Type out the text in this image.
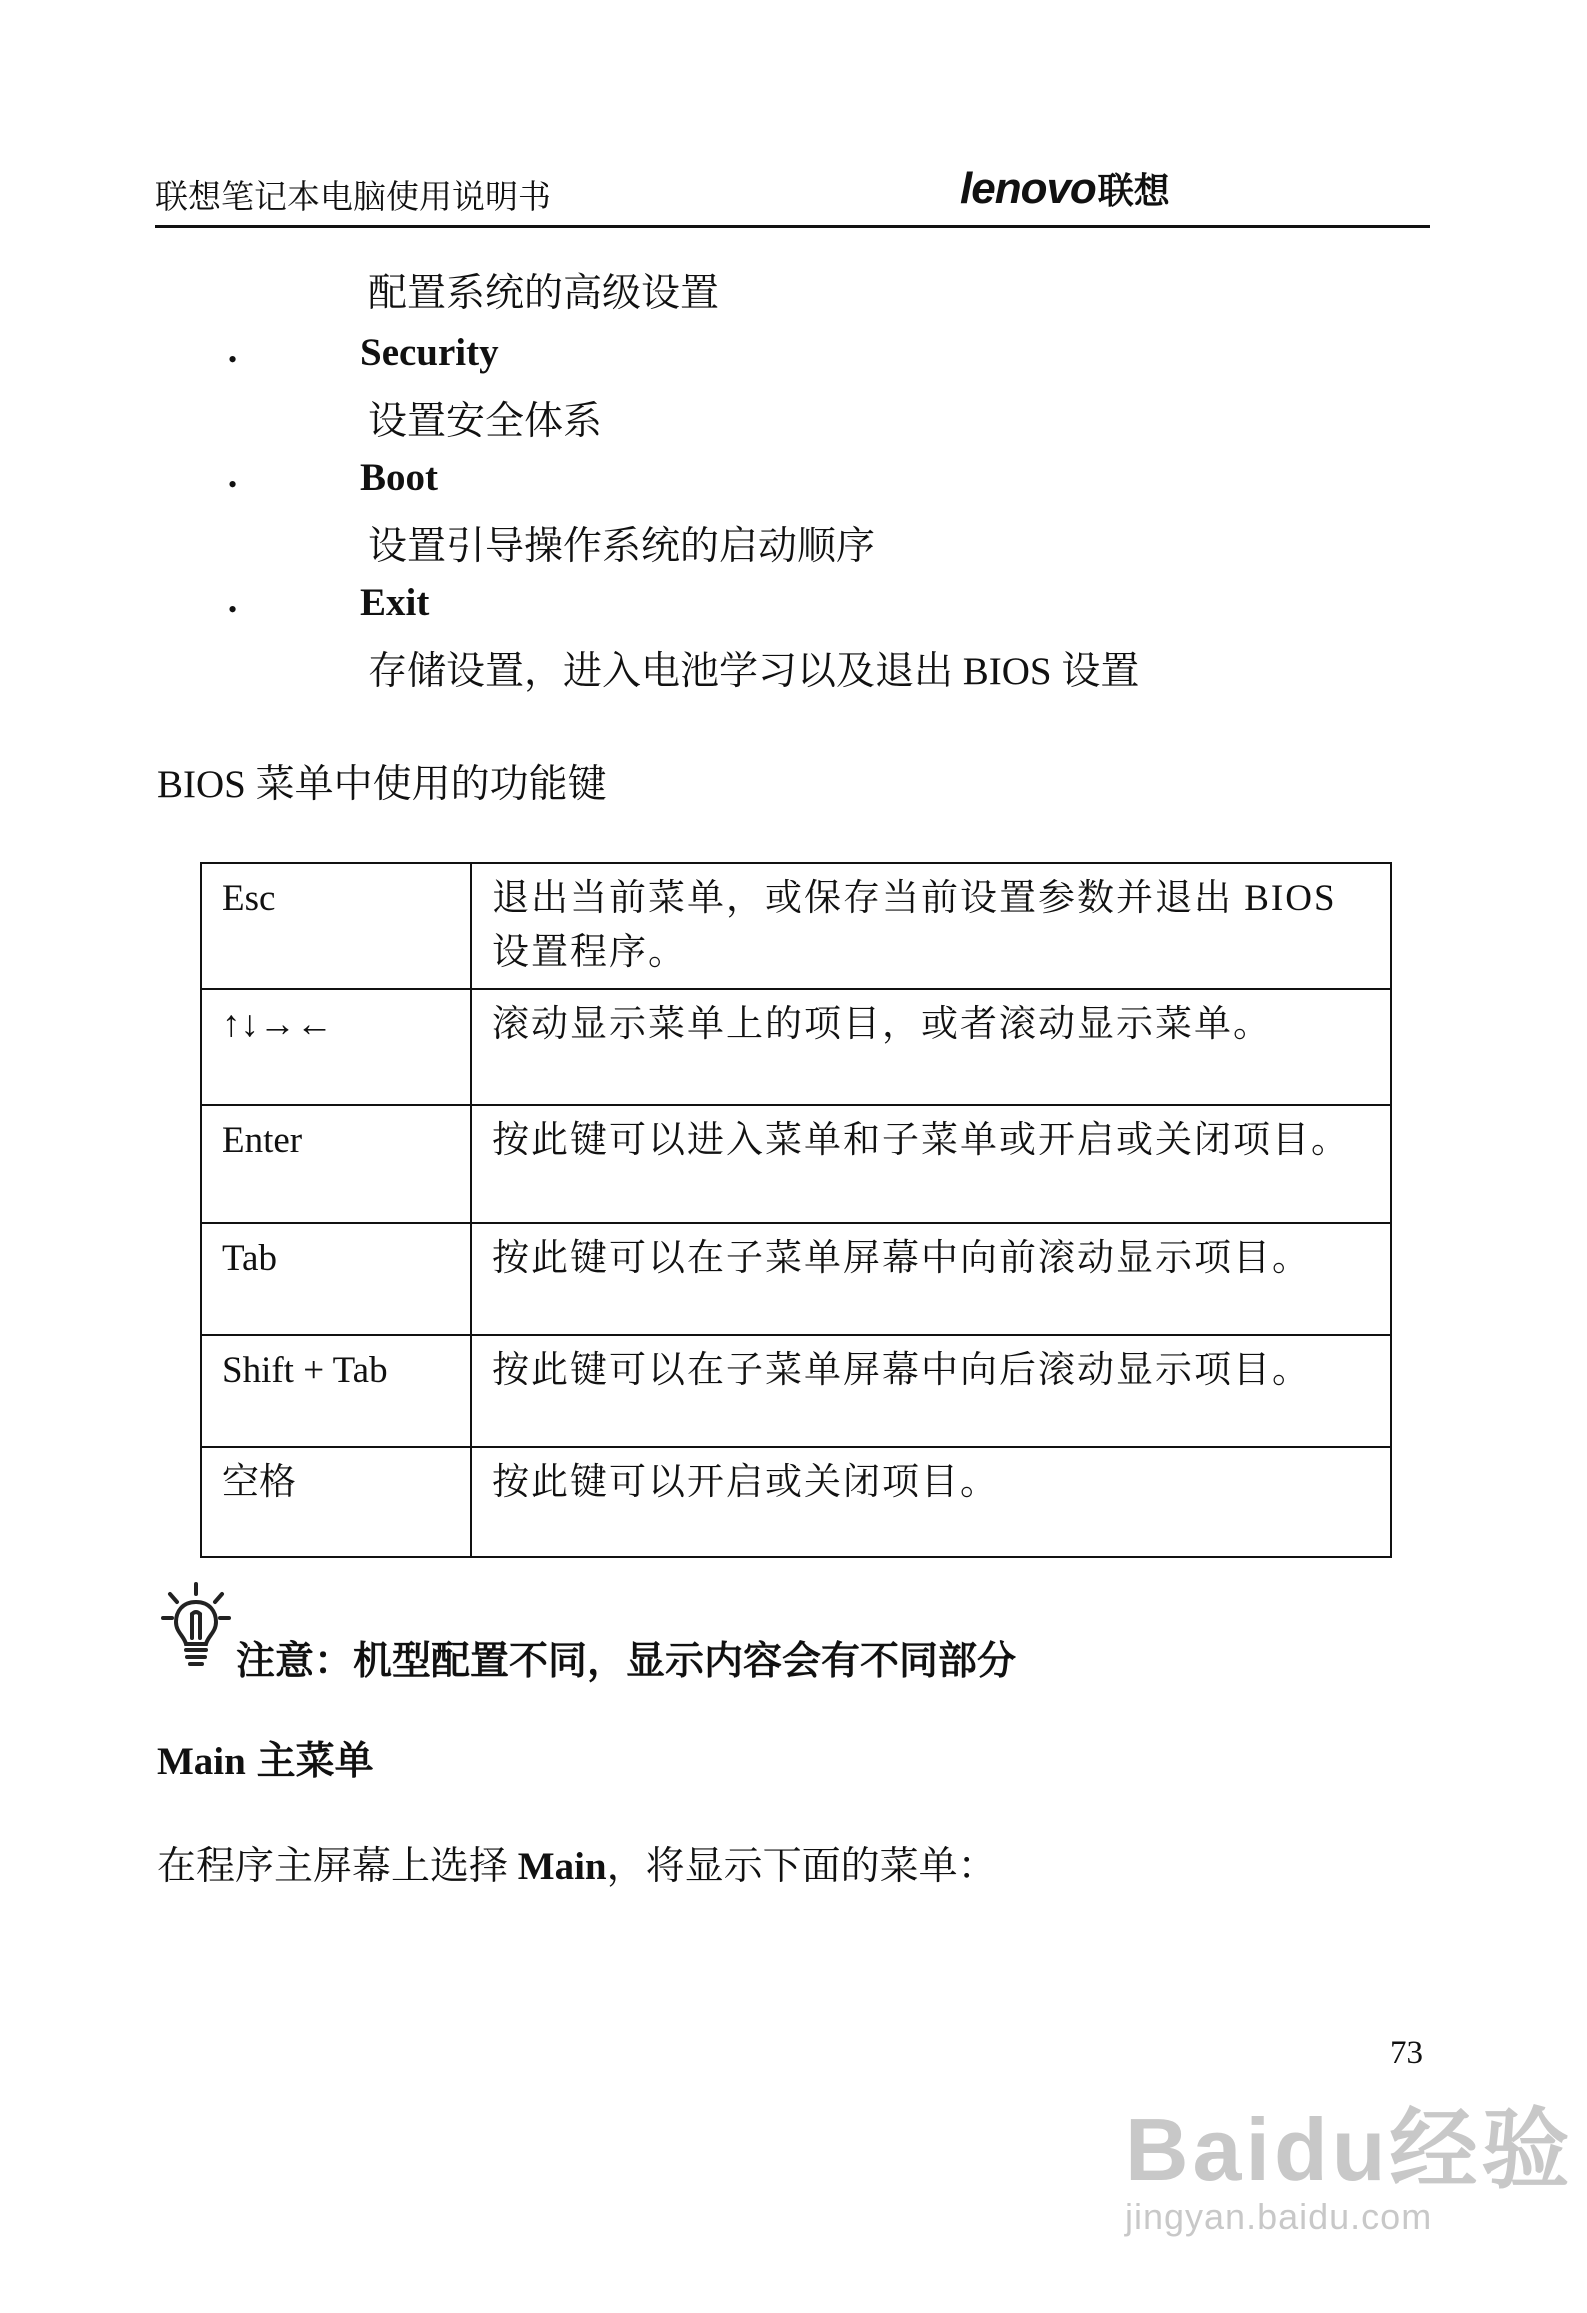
联想笔记本电脑使用说明书	lenovo联想
配置系统的高级设置
•	Security
设置安全体系
•	Boot
设置引导操作系统的启动顺序
•	Exit
存储设置，进入电池学习以及退出 BIOS 设置
BIOS 菜单中使用的功能键
Esc	退出当前菜单，或保存当前设置参数并退出 BIOS 设置程序。
↑↓→←	滚动显示菜单上的项目，或者滚动显示菜单。
Enter	按此键可以进入菜单和子菜单或开启或关闭项目。
Tab	按此键可以在子菜单屏幕中向前滚动显示项目。
Shift + Tab	按此键可以在子菜单屏幕中向后滚动显示项目。
空格	按此键可以开启或关闭项目。
注意：机型配置不同，显示内容会有不同部分
Main 主菜单
在程序主屏幕上选择 Main，将显示下面的菜单：
73
Baidu经验
jingyan.baidu.com
